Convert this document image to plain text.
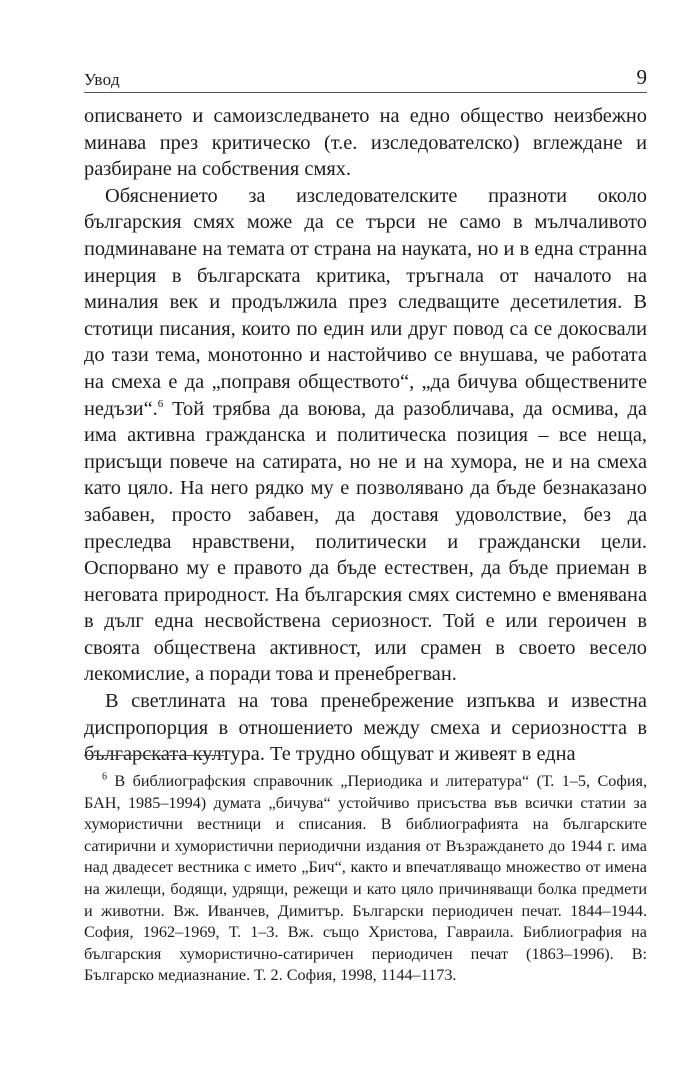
Увод	9

описването и самоизследването на едно общество неизбежно минава през критическо (т.е. изследователско) вглеждане и разбиране на собствения смях.

Обяснението за изследователските празноти около българския смях може да се търси не само в мълчаливото подминаване на темата от страна на науката, но и в една странна инерция в българската критика, тръгнала от началото на миналия век и продължила през следващите десетилетия. В стотици писания, които по един или друг повод са се докосвали до тази тема, монотонно и настойчиво се внушава, че работата на смеха е да „поправя обществото“, „да бичува обществените недъзи“.$^6$ Той трябва да воюва, да разобличава, да осмива, да има активна гражданска и политическа позиция – все неща, присъщи повече на сатирата, но не и на хумора, не и на смеха като цяло. На него рядко му е позволявано да бъде безнаказано забавен, просто забавен, да доставя удоволствие, без да преследва нравствени, политически и граждански цели. Оспорвано му е правото да бъде естествен, да бъде приеман в неговата природност. На българския смях системно е вменявана в дълг една несвойствена сериозност. Той е или героичен в своята обществена активност, или срамен в своето весело лекомислие, а поради това и пренебрегван.

В светлината на това пренебрежение изпъква и известна диспропорция в отношението между смеха и сериозността в българската култура. Те трудно общуват и живеят в една

$^6$ В библиографския справочник „Периодика и литература“ (Т. 1–5, София, БАН, 1985–1994) думата „бичува“ устойчиво присъства във всички статии за хумористични вестници и списания. В библиографията на българските сатирични и хумористични периодични издания от Възраждането до 1944 г. има над двадесет вестника с името „Бич“, както и впечатляващо множество от имена на жилещи, бодящи, удрящи, режещи и като цяло причиняващи болка предмети и животни. Вж. Иванчев, Димитър. Български периодичен печат. 1844–1944. София, 1962–1969, Т. 1–3. Вж. също Христова, Гавраила. Библиография на българския хумористично-сатиричен периодичен печат (1863–1996). В: Българско медиазнание. Т. 2. София, 1998, 1144–1173.
